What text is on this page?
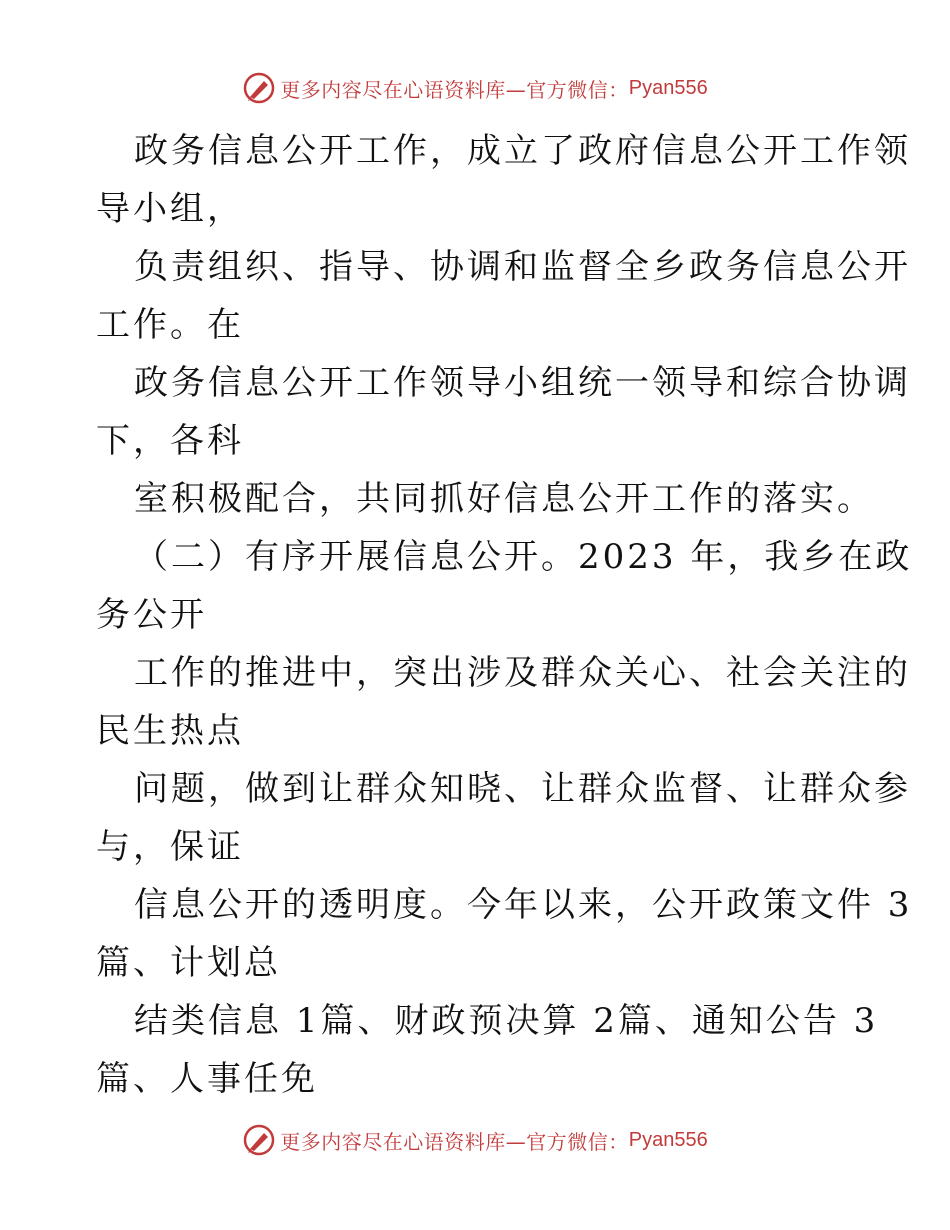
更多内容尽在心语资料库—官方微信： Pyan556
政务信息公开工作，成立了政府信息公开工作领
导小组，
负责组织、指导、协调和监督全乡政务信息公开
工作。在
政务信息公开工作领导小组统一领导和综合协调
下，各科
室积极配合，共同抓好信息公开工作的落实。
（二）有序开展信息公开。2023 年，我乡在政
务公开
工作的推进中，突出涉及群众关心、社会关注的
民生热点
问题，做到让群众知晓、让群众监督、让群众参
与，保证
信息公开的透明度。今年以来，公开政策文件 3
篇、计划总
结类信息 1篇、财政预决算 2篇、通知公告 3
篇、人事任免
更多内容尽在心语资料库—官方微信： Pyan556
